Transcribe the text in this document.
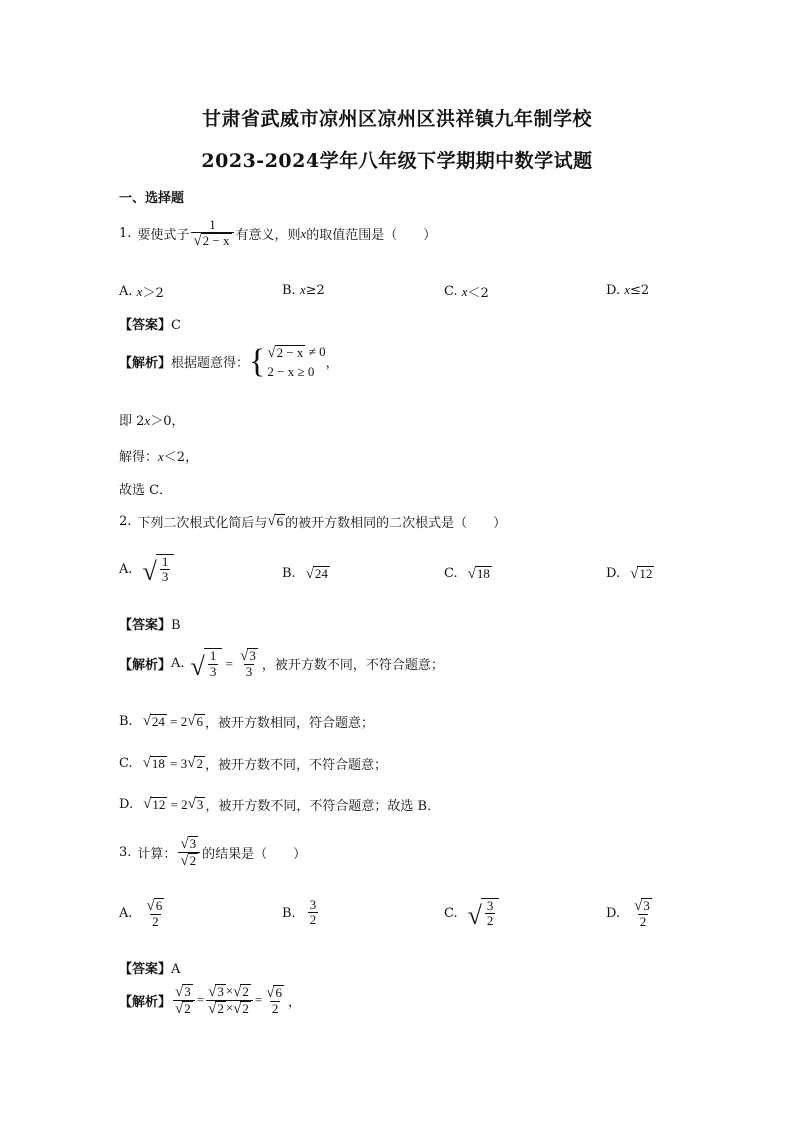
甘肃省武威市凉州区凉州区洪祥镇九年制学校
2023-2024学年八年级下学期期中数学试题
一、选择题
1. 要使式子 $\frac{1}{√ 2 - x}$ 有意义，则 x 的取值范围是（　　）
A.
x ＞2	B.
x ≥2	C.
x ＜2	D.
x ≤2
【答案】C
【解析】 根据题意得： { √ 2 − x ≠ 0
2 − x ≥ 0 ，
即 2x＞0，
解得：x＜2，
故选 C．
2. 下列二次根式化简后与 √ 6 的被开方数相同的二次根式是（　　）
A. √ $\frac{1}{3}$	B. √ 24	C. √ 18	D. √ 12
【答案】B
【解析】 A. √ $\frac{1}{3} = \frac{√ 3}{3}$ ，被开方数不同，不符合题意；
B. √ 24 = 2 √ 6 ，被开方数相同，符合题意；
C. √ 18 = 3 √ 2 ，被开方数不同，不符合题意；
D. √ 12 = 2 √ 3 ，被开方数不同，不符合题意；故选 B．
3. 计算： $\frac{√ 3}{√ 2}$ 的结果是（　　）
A. $\frac{√ 6}{2}$	B. $\frac{3}{2}$	C. √ $\frac{3}{2}$	D. $\frac{√ 3}{2}$
【答案】A
【解析】 $\frac{√ 3}{√ 2} = \frac{√ 3 \times √ 2}{√ 2 \times √ 2} = \frac{√ 6}{2}$ ，
